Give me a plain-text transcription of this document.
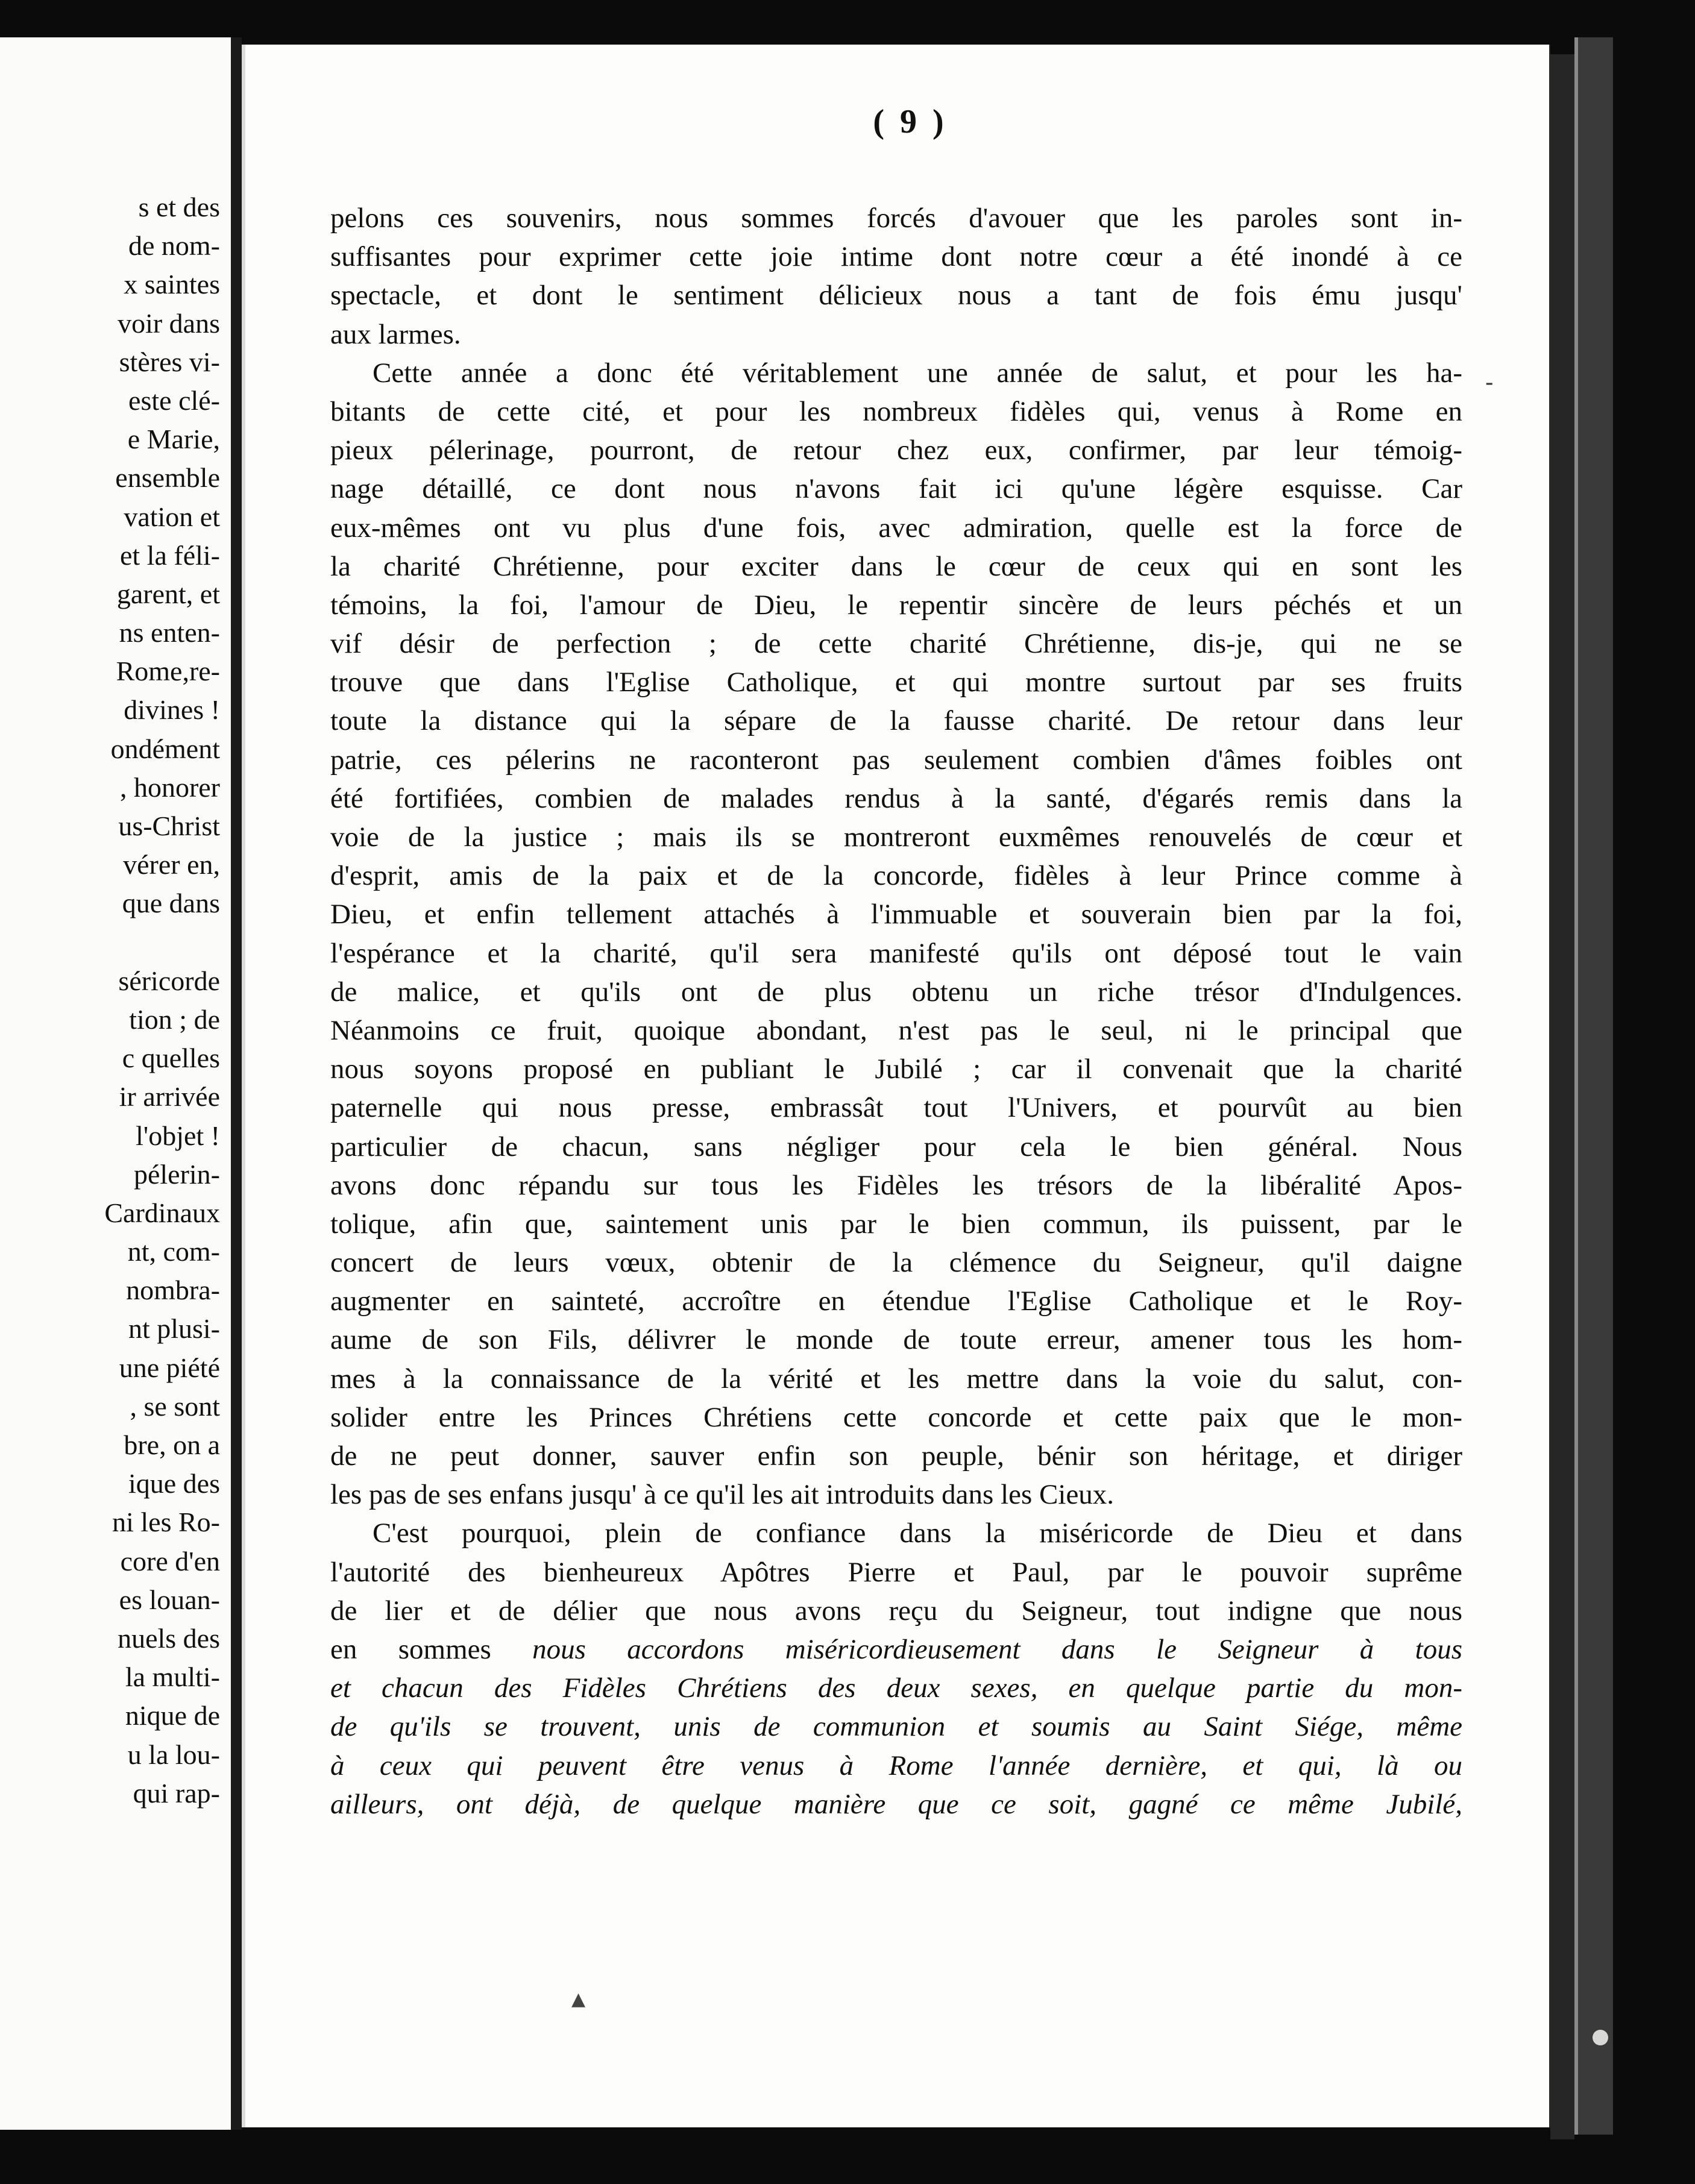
s et des
de nom-
x saintes
voir dans
stères vi-
este clé-
e Marie,
ensemble
vation et
et la féli-
garent, et
ns enten-
Rome,re-
divines !
ondément
, honorer
us-Christ
vérer en,
que dans
séricorde
tion ; de
c quelles
ir arrivée
l'objet !
pélerin-
Cardinaux
nt, com-
nombra-
nt plusi-
une piété
, se sont
bre, on a
ique des
ni les Ro-
core d'en
es louan-
nuels des
la multi-
nique de
u la lou-
qui rap-
( 9 )
-
pelons ces souvenirs, nous sommes forcés d'avouer que les paroles sont in-
suffisantes pour exprimer cette joie intime dont notre cœur a été inondé à ce
spectacle, et dont le sentiment délicieux nous a tant de fois ému jusqu'
aux larmes.
Cette année a donc été véritablement une année de salut, et pour les ha-
bitants de cette cité, et pour les nombreux fidèles qui, venus à Rome en
pieux pélerinage, pourront, de retour chez eux, confirmer, par leur témoig-
nage détaillé, ce dont nous n'avons fait ici qu'une légère esquisse. Car
eux-mêmes ont vu plus d'une fois, avec admiration, quelle est la force de
la charité Chrétienne, pour exciter dans le cœur de ceux qui en sont les
témoins, la foi, l'amour de Dieu, le repentir sincère de leurs péchés et un
vif désir de perfection ; de cette charité Chrétienne, dis-je, qui ne se
trouve que dans l'Eglise Catholique, et qui montre surtout par ses fruits
toute la distance qui la sépare de la fausse charité. De retour dans leur
patrie, ces pélerins ne raconteront pas seulement combien d'âmes foibles ont
été fortifiées, combien de malades rendus à la santé, d'égarés remis dans la
voie de la justice ; mais ils se montreront euxmêmes renouvelés de cœur et
d'esprit, amis de la paix et de la concorde, fidèles à leur Prince comme à
Dieu, et enfin tellement attachés à l'immuable et souverain bien par la foi,
l'espérance et la charité, qu'il sera manifesté qu'ils ont déposé tout le vain
de malice, et qu'ils ont de plus obtenu un riche trésor d'Indulgences.
Néanmoins ce fruit, quoique abondant, n'est pas le seul, ni le principal que
nous soyons proposé en publiant le Jubilé ; car il convenait que la charité
paternelle qui nous presse, embrassât tout l'Univers, et pourvût au bien
particulier de chacun, sans négliger pour cela le bien général. Nous
avons donc répandu sur tous les Fidèles les trésors de la libéralité Apos-
tolique, afin que, saintement unis par le bien commun, ils puissent, par le
concert de leurs vœux, obtenir de la clémence du Seigneur, qu'il daigne
augmenter en sainteté, accroître en étendue l'Eglise Catholique et le Roy-
aume de son Fils, délivrer le monde de toute erreur, amener tous les hom-
mes à la connaissance de la vérité et les mettre dans la voie du salut, con-
solider entre les Princes Chrétiens cette concorde et cette paix que le mon-
de ne peut donner, sauver enfin son peuple, bénir son héritage, et diriger
les pas de ses enfans jusqu' à ce qu'il les ait introduits dans les Cieux.
C'est pourquoi, plein de confiance dans la miséricorde de Dieu et dans
l'autorité des bienheureux Apôtres Pierre et Paul, par le pouvoir suprême
de lier et de délier que nous avons reçu du Seigneur, tout indigne que nous
en sommes nous accordons miséricordieusement dans le Seigneur à tous
et chacun des Fidèles Chrétiens des deux sexes, en quelque partie du mon-
de qu'ils se trouvent, unis de communion et soumis au Saint Siége, même
à ceux qui peuvent être venus à Rome l'année dernière, et qui, là ou
ailleurs, ont déjà, de quelque manière que ce soit, gagné ce même Jubilé,
▲
